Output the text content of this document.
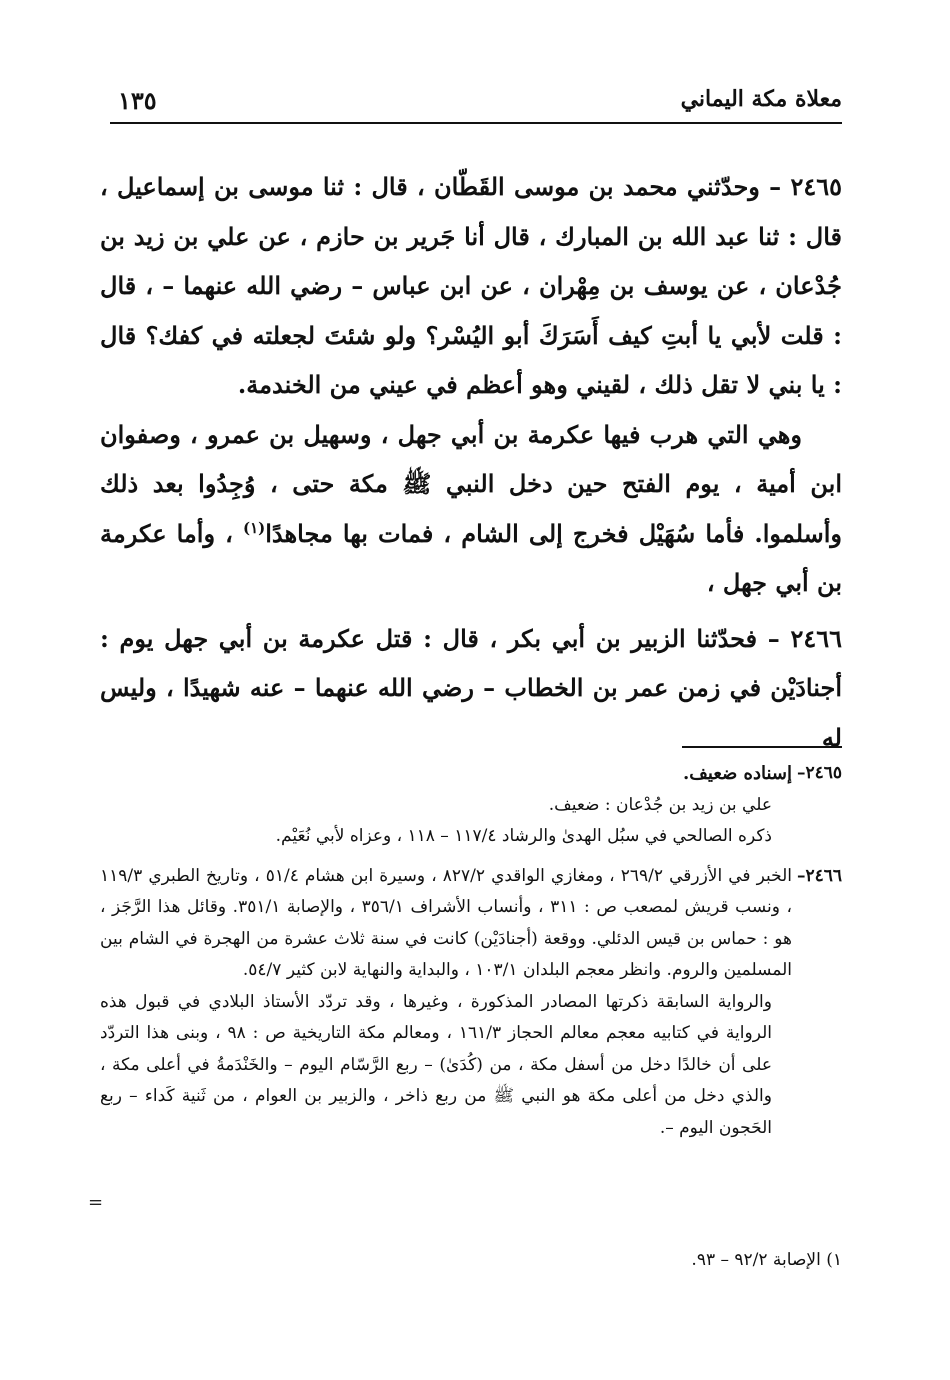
معلاة مكة اليماني
١٣٥

٢٤٦٥ – وحدّثني محمد بن موسى القَطّان ، قال : ثنا موسى بن إسماعيل ، قال : ثنا عبد الله بن المبارك ، قال أنا جَرير بن حازم ، عن علي بن زيد بن جُدْعان ، عن يوسف بن مِهْران ، عن ابن عباس – رضي الله عنهما – ، قال : قلت لأبي يا أبتِ كيف أَسَرَكَ أبو اليُسْر؟ ولو شئتَ لجعلته في كفك؟ قال : يا بني لا تقل ذلك ، لقيني وهو أعظم في عيني من الخندمة.

وهي التي هرب فيها عكرمة بن أبي جهل ، وسهيل بن عمرو ، وصفوان ابن أمية ، يوم الفتح حين دخل النبي ﷺ مكة حتى ، وُجِدُوا بعد ذلك وأسلموا. فأما سُهَيْل فخرج إلى الشام ، فمات بها مجاهدًا$^{(١)}$ ، وأما عكرمة بن أبي جهل ،

٢٤٦٦ – فحدّثنا الزبير بن أبي بكر ، قال : قتل عكرمة بن أبي جهل يوم : أجنادَيْن في زمن عمر بن الخطاب – رضي الله عنهما – عنه شهيدًا ، وليس له

٢٤٦٥–
إسناده ضعيف.
علي بن زيد بن جُدْعان : ضعيف.
ذكره الصالحي في سبُل الهدىٰ والرشاد ١١٧/٤ – ١١٨ ، وعزاه لأبي نُعَيْم.
٢٤٦٦–
الخبر في الأزرقي ٢٦٩/٢ ، ومغازي الواقدي ٨٢٧/٢ ، وسيرة ابن هشام ٥١/٤ ، وتاريخ الطبري ١١٩/٣ ، ونسب قريش لمصعب ص : ٣١١ ، وأنساب الأشراف ٣٥٦/١ ، والإصابة ٣٥١/١. وقائل هذا الرَّجَز ، هو : حماس بن قيس الدئلي. ووقعة (أجنادَيْن) كانت في سنة ثلاث عشرة من الهجرة في الشام بين المسلمين والروم. وانظر معجم البلدان ١٠٣/١ ، والبداية والنهاية لابن كثير ٥٤/٧.
والرواية السابقة ذكرتها المصادر المذكورة ، وغيرها ، وقد تردّد الأستاذ البلادي في قبول هذه الرواية في كتابيه معجم معالم الحجاز ١٦١/٣ ، ومعالم مكة التاريخية ص : ٩٨ ، وبنى هذا التردّد على أن خالدًا دخل من أسفل مكة ، من (كُدَىٰ) – ربع الرَّسّام اليوم – والخَنْدَمةُ في أعلى مكة ، والذي دخل من أعلى مكة هو النبي ﷺ من ربع ذاخر ، والزبير بن العوام ، من ثَنية كَداء – ربع الحَجون اليوم –.
١) الإصابة ٩٢/٢ – ٩٣.
=
